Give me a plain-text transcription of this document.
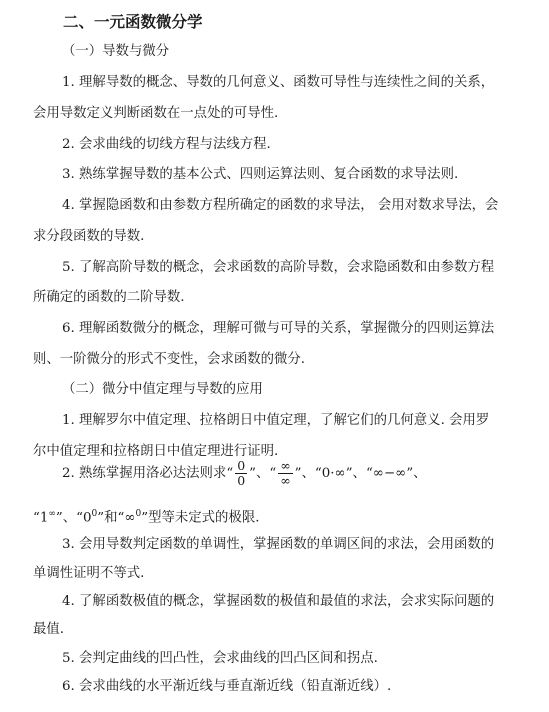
二、一元函数微分学
（一）导数与微分
1. 理解导数的概念、导数的几何意义、函数可导性与连续性之间的关系，
会用导数定义判断函数在一点处的可导性.
2. 会求曲线的切线方程与法线方程.
3. 熟练掌握导数的基本公式、四则运算法则、复合函数的求导法则.
4. 掌握隐函数和由参数方程所确定的函数的求导法， 会用对数求导法，会
求分段函数的导数.
5. 了解高阶导数的概念，会求函数的高阶导数，会求隐函数和由参数方程
所确定的函数的二阶导数.
6. 理解函数微分的概念，理解可微与可导的关系，掌握微分的四则运算法
则、一阶微分的形式不变性，会求函数的微分.
（二）微分中值定理与导数的应用
1. 理解罗尔中值定理、拉格朗日中值定理，了解它们的几何意义. 会用罗
尔中值定理和拉格朗日中值定理进行证明.
2. 熟练掌握用洛必达法则求“ $\frac{0}{0}$ ”、“ $\frac{\infty}{\infty}$ ”、“0·∞”、“∞−∞”、
“1∞”、“$0^0$”和“∞$^0$”型等未定式的极限.
3. 会用导数判定函数的单调性，掌握函数的单调区间的求法，会用函数的
单调性证明不等式.
4. 了解函数极值的概念，掌握函数的极值和最值的求法，会求实际问题的
最值.
5. 会判定曲线的凹凸性，会求曲线的凹凸区间和拐点.
6. 会求曲线的水平渐近线与垂直渐近线（铅直渐近线）.
